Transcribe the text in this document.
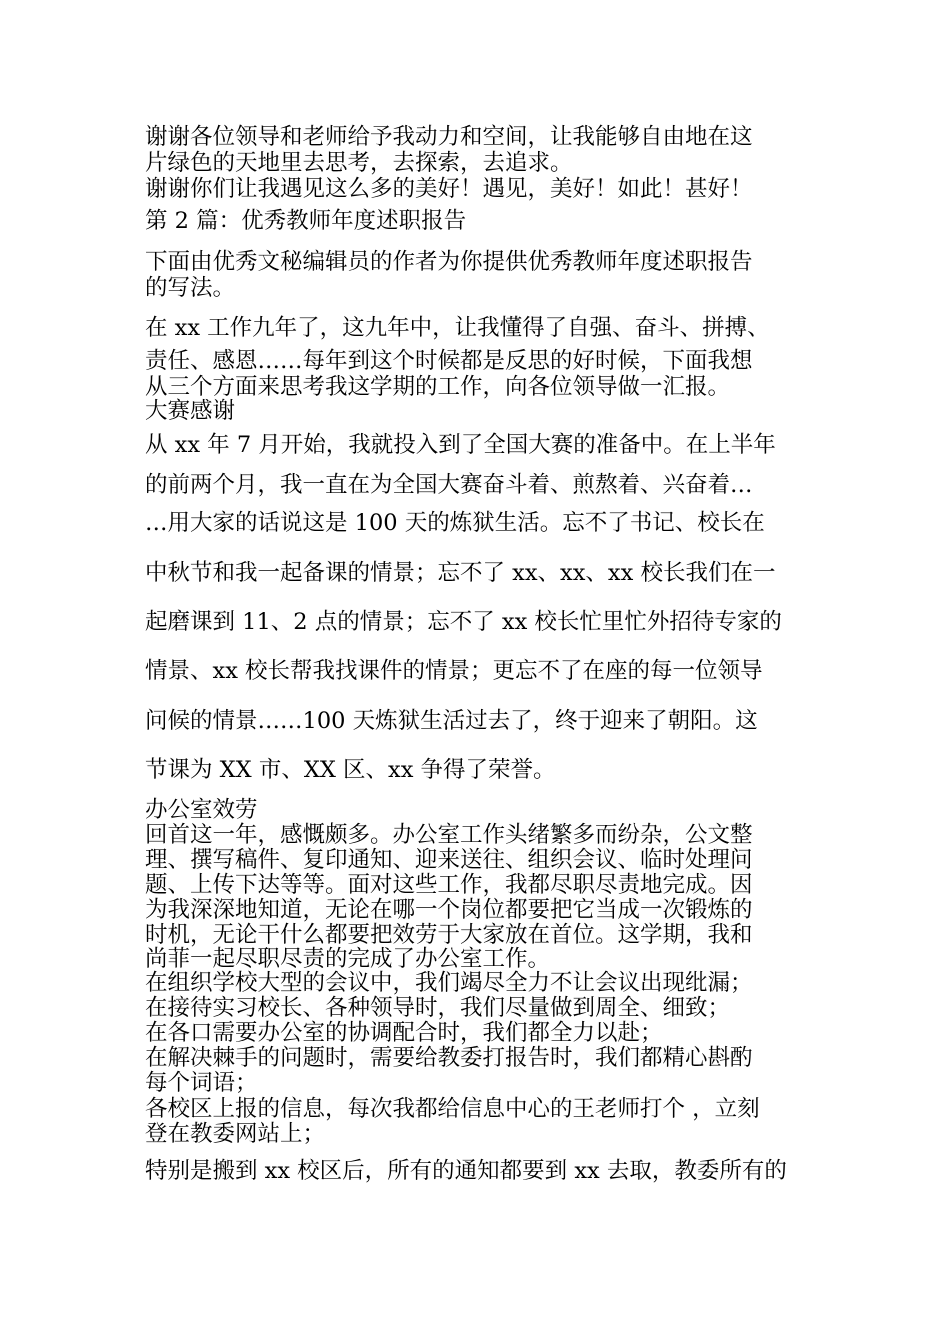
谢谢各位领导和老师给予我动力和空间，让我能够自由地在这

片绿色的天地里去思考，去探索，去追求。

谢谢你们让我遇见这么多的美好！遇见，美好！如此！甚好！

第 2 篇：优秀教师年度述职报告

下面由优秀文秘编辑员的作者为你提供优秀教师年度述职报告

的写法。

在 xx 工作九年了，这九年中，让我懂得了自强、奋斗、拼搏、

责任、感恩……每年到这个时候都是反思的好时候，下面我想

从三个方面来思考我这学期的工作，向各位领导做一汇报。

大赛感谢

从 xx 年 7 月开始，我就投入到了全国大赛的准备中。在上半年

的前两个月，我一直在为全国大赛奋斗着、煎熬着、兴奋着…

…用大家的话说这是 100 天的炼狱生活。忘不了书记、校长在

中秋节和我一起备课的情景；忘不了 xx、xx、xx 校长我们在一

起磨课到 11、2 点的情景；忘不了 xx 校长忙里忙外招待专家的

情景、xx 校长帮我找课件的情景；更忘不了在座的每一位领导

问候的情景……100 天炼狱生活过去了，终于迎来了朝阳。这

节课为 XX 市、XX 区、xx 争得了荣誉。

办公室效劳

回首这一年，感慨颇多。办公室工作头绪繁多而纷杂，公文整

理、撰写稿件、复印通知、迎来送往、组织会议、临时处理问

题、上传下达等等。面对这些工作，我都尽职尽责地完成。因

为我深深地知道，无论在哪一个岗位都要把它当成一次锻炼的

时机，无论干什么都要把效劳于大家放在首位。这学期，我和

尚菲一起尽职尽责的完成了办公室工作。

在组织学校大型的会议中，我们竭尽全力不让会议出现纰漏；

在接待实习校长、各种领导时，我们尽量做到周全、细致；

在各口需要办公室的协调配合时，我们都全力以赴；

在解决棘手的问题时，需要给教委打报告时，我们都精心斟酌

每个词语；

各校区上报的信息，每次我都给信息中心的王老师打个 ，立刻

登在教委网站上；

特别是搬到 xx 校区后，所有的通知都要到 xx 去取，教委所有的
